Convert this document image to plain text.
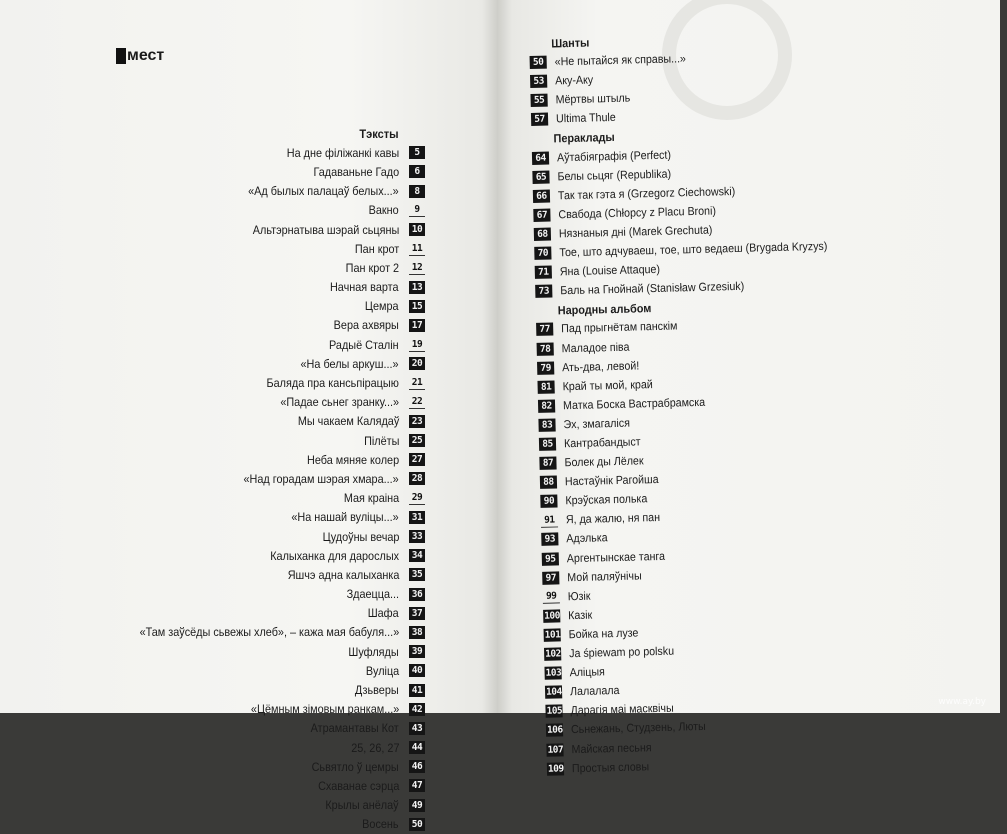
мест
Тэксты
На дне філіжанкі кавы	5
Гадаваньне Гадо	6
«Ад былых палацаў белых...»	8
Вакно	9
Альтэрнатыва шэрай сьцяны 10
Пан крот 11
Пан крот 2 12
Начная варта 13
Цемра 15
Вера ахвяры 17
Радыё Сталін 19
«На белы аркуш...» 20
Баляда пра кансьпірацыю 21
«Падае сьнег зранку...» 22
Мы чакаем Калядаў 23
Пілёты 25
Неба мяняе колер 27
«Над горадам шэрая хмара...» 28
Мая краіна 29
«На нашай вуліцы...» 31
Цудоўны вечар 33
Калыханка для дарослых 34
Яшчэ адна калыханка 35
Здаецца... 36
Шафа 37
«Там заўсёды сьвежы хлеб», – кажа мая бабуля...» 38
Шуфляды 39
Вуліца 40
Дзьверы 41
«Цёмным зімовым ранкам...» 42
Атрамантавы Кот 43
25, 26, 27 44
Сьвятло ў цемры 46
Схаванае сэрца 47
Крылы анёлаў 49
Восень 50
Шанты
50 «Не пытайся як справы...»
53 Аку-Аку
55 Мёртвы штыль
57 Ultima Thule
Пераклады
64 Аўтабіяграфія (Perfect)
65 Белы сьцяг (Republika)
66 Так так гэта я (Grzegorz Ciechowski)
67 Свабода (Chłopcy z Placu Broni)
68 Нязнаныя дні (Marek Grechuta)
70 Тое, што адчуваеш, тое, што ведаеш (Brygada Kryzys)
71 Яна (Louise Attaque)
73 Баль на Гнойнай (Stanisław Grzesiuk)
Народны альбом
77 Пад прыгнётам панскім
78 Маладое піва
79 Ать-два, левой!
81 Край ты мой, край
82 Матка Боска Вастрабрамска
83 Эх, змагаліся
85 Кантрабандыст
87 Болек ды Лёлек
88 Настаўнік Рагойша
90 Крэўская полька
91 Я, да жалю, ня пан
93 Адэлька
95 Аргентынскае танга
97 Мой паляўнічы
99 Юзік
100 Казік
101 Бойка на лузе
102 Ja śpiewam po polsku
103 Аліцыя
104 Лалалала
105 Дарагія маі масквічы
106 Сьнежань, Студзень, Люты
107 Майская песьня
109 Простыя словы
www.ay.by
